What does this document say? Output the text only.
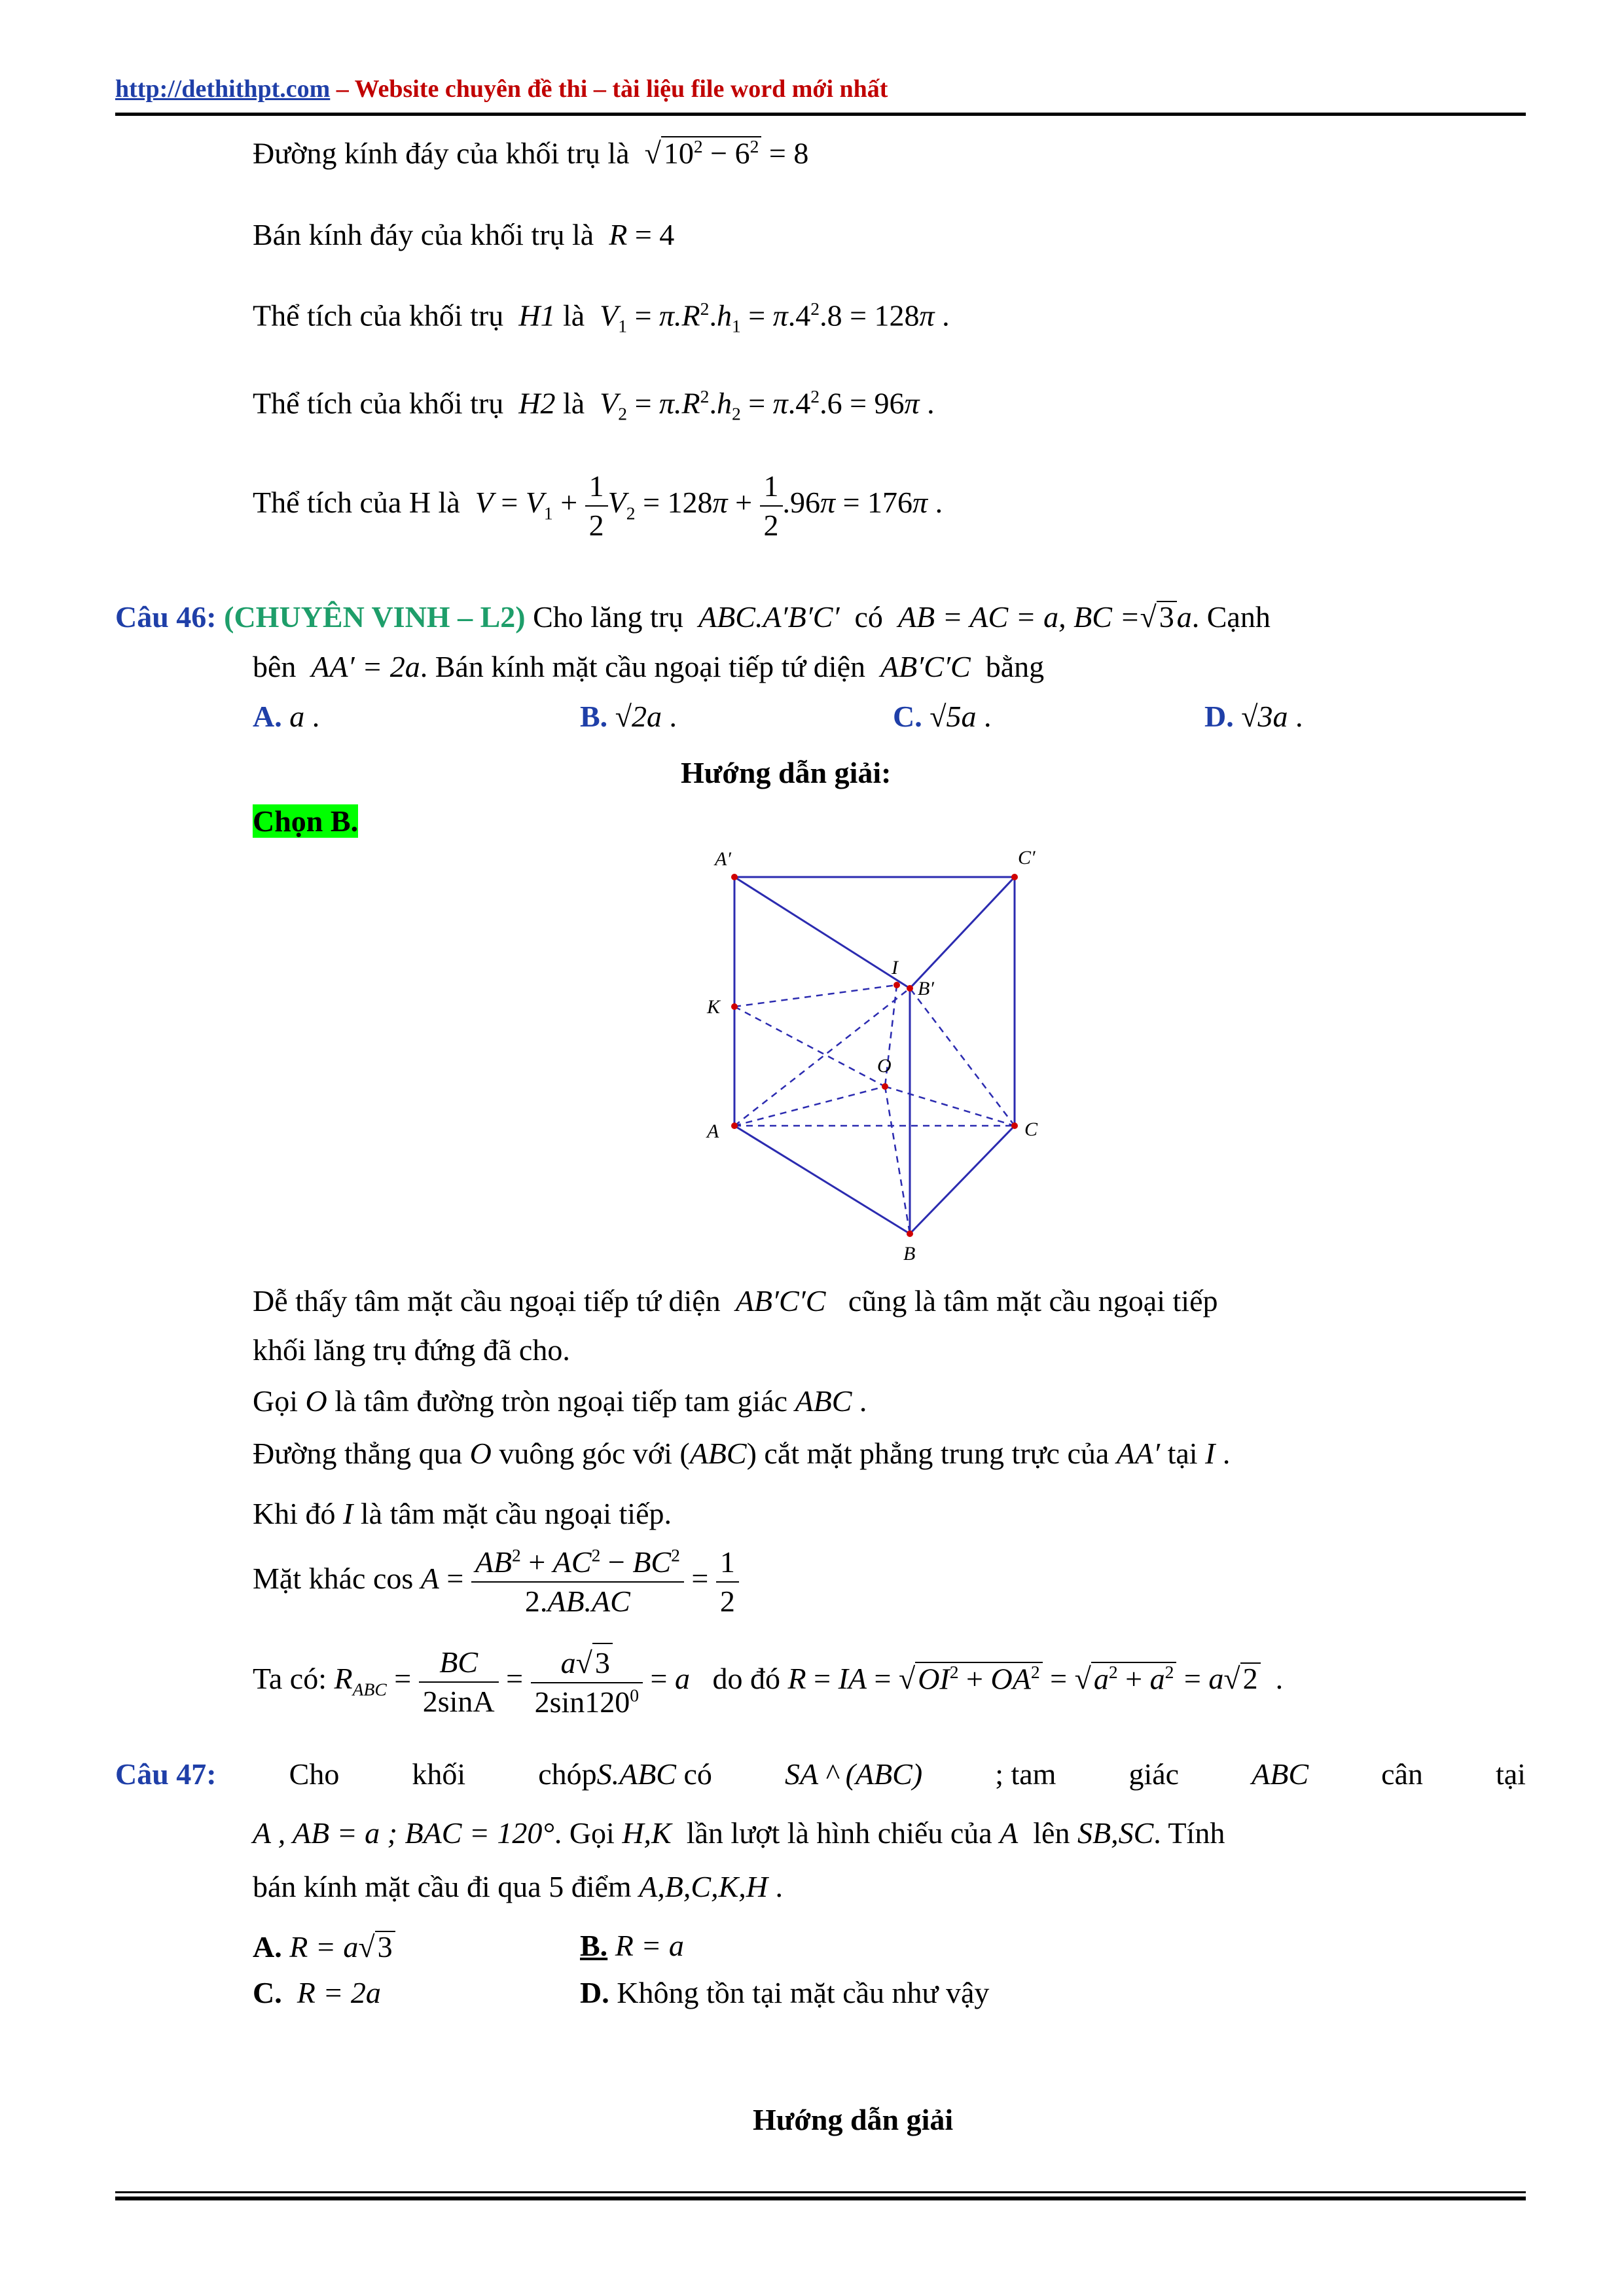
http://dethithpt.com – Website chuyên đề thi – tài liệu file word mới nhất
Đường kính đáy của khối trụ là $√10^2 - 6^2 = 8$
Bán kính đáy của khối trụ là R = 4
Thể tích của khối trụ H1 là $V_1 = \pi.R^2.h_1 = \pi.4^2.8 = 128\pi$ .
Thể tích của khối trụ H2 là $V_2 = \pi.R^2.h_2 = \pi.4^2.6 = 96\pi$ .
Thể tích của H là $V = V_1 + \frac{1}{2} V_2 = 128\pi + \frac{1}{2} .96\pi = 176\pi$ .
Câu 46: (CHUYÊN VINH – L2) Cho lăng trụ ABC.A′B′C′ có AB = AC = a, BC =√3a. Cạnh
bên AA′ = 2a. Bán kính mặt cầu ngoại tiếp tứ diện AB′C′C bằng
A. a .	B. √2a .	C. √5a .	D. √3a .
Hướng dẫn giải:
Chọn B.
A′	C′
I
B′
K
O
A	C
B
Dễ thấy tâm mặt cầu ngoại tiếp tứ diện AB′C′C cũng là tâm mặt cầu ngoại tiếp
khối lăng trụ đứng đã cho.
Gọi O là tâm đường tròn ngoại tiếp tam giác ABC .
Đường thẳng qua O vuông góc với (ABC) cắt mặt phẳng trung trực của AA′ tại I .
Khi đó I là tâm mặt cầu ngoại tiếp.
Mặt khác $\cos A = \frac{AB^2 + AC^2 - BC^2}{2.AB.AC} = \frac{1}{2}$
Ta có: $R_{ABC} = \frac{BC}{2\sin A} = \frac{a√3}{2\sin 120^0} = a$ do đó R = IA = $√OI^2 + OA^2 = √a^2 + a^2 = a√2$  .
Câu 47: Cho khối chópS.ABC có SA ^ (ABC) ; tam giác ABC cân tại
A , AB = a ; BAC = 120°. Gọi H,K lần lượt là hình chiếu của A lên SB,SC. Tính
bán kính mặt cầu đi qua 5 điểm A,B,C,K,H .
A. R = a√3	B. R = a
C. R = 2a	D. Không tồn tại mặt cầu như vậy
Hướng dẫn giải
